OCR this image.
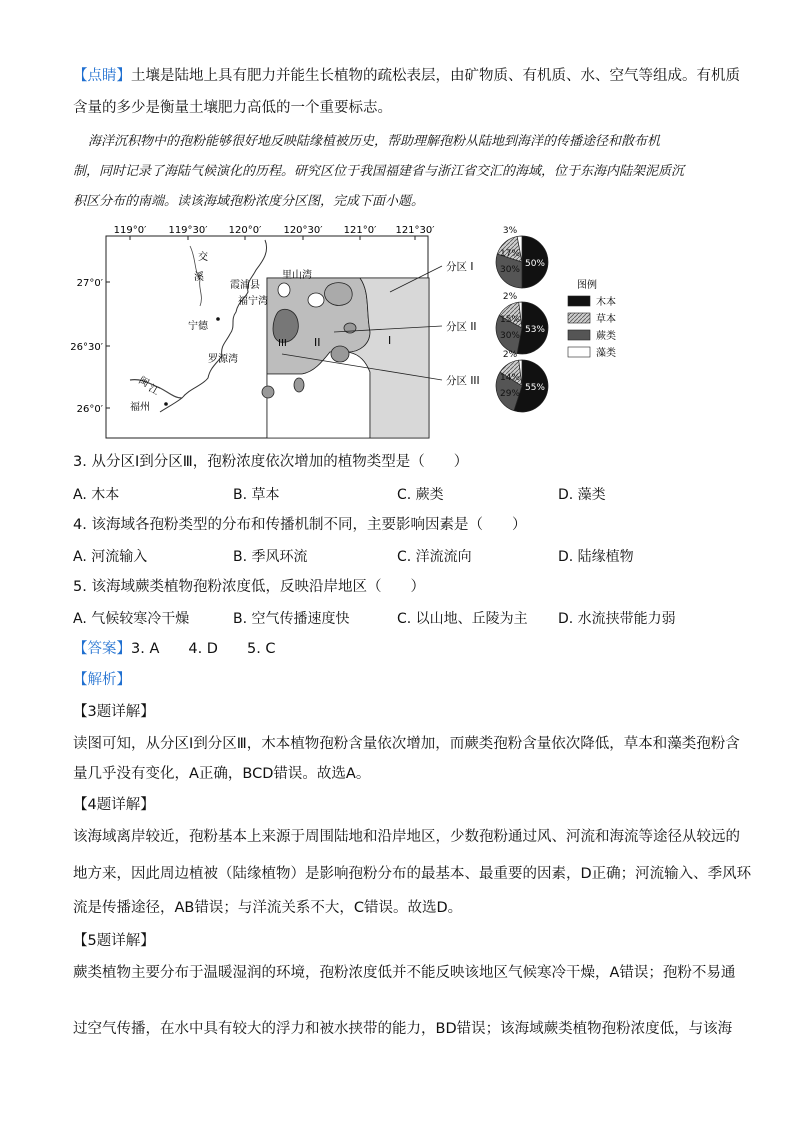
【点睛】土壤是陆地上具有肥力并能生长植物的疏松表层，由矿物质、有机质、水、空气等组成。有机质
含量的多少是衡量土壤肥力高低的一个重要标志。
海洋沉积物中的孢粉能够很好地反映陆缘植被历史，帮助理解孢粉从陆地到海洋的传播途径和散布机
制，同时记录了海陆气候演化的历程。研究区位于我国福建省与浙江省交汇的海域，位于东海内陆架泥质沉
积区分布的南端。读该海域孢粉浓度分区图，完成下面小题。
119°0′ 119°30′ 120°0′ 120°30′ 121°0′ 121°30′
27°0′
26°30′
26°0′
I
II
III
交
溪
霞浦县
福宁湾
里山湾
宁德
罗源湾
闽
江
福州
分区 I
分区 II
分区 III
50%
17%
30%
3%
53%
15%
30%
2%
55%
14%
29%
2%
图例
木本
草本
蕨类
藻类
3. 从分区Ⅰ到分区Ⅲ，孢粉浓度依次增加的植物类型是（　　）
A. 木本	B. 草本	C. 蕨类	D. 藻类
4. 该海域各孢粉类型的分布和传播机制不同，主要影响因素是（　　）
A. 河流输入	B. 季风环流	C. 洋流流向	D. 陆缘植物
5. 该海域蕨类植物孢粉浓度低，反映沿岸地区（　　）
A. 气候较寒冷干燥	B. 空气传播速度快	C. 以山地、丘陵为主 D. 水流挟带能力弱
【答案】3. A　　4. D　　5. C
【解析】
【3题详解】
读图可知，从分区Ⅰ到分区Ⅲ，木本植物孢粉含量依次增加，而蕨类孢粉含量依次降低，草本和藻类孢粉含
量几乎没有变化，A正确，BCD错误。故选A。
【4题详解】
该海域离岸较近，孢粉基本上来源于周围陆地和沿岸地区，少数孢粉通过风、河流和海流等途径从较远的
地方来，因此周边植被（陆缘植物）是影响孢粉分布的最基本、最重要的因素，D正确；河流输入、季风环
流是传播途径，AB错误；与洋流关系不大，C错误。故选D。
【5题详解】
蕨类植物主要分布于温暖湿润的环境，孢粉浓度低并不能反映该地区气候寒冷干燥，A错误；孢粉不易通
过空气传播，在水中具有较大的浮力和被水挟带的能力，BD错误；该海域蕨类植物孢粉浓度低，与该海
